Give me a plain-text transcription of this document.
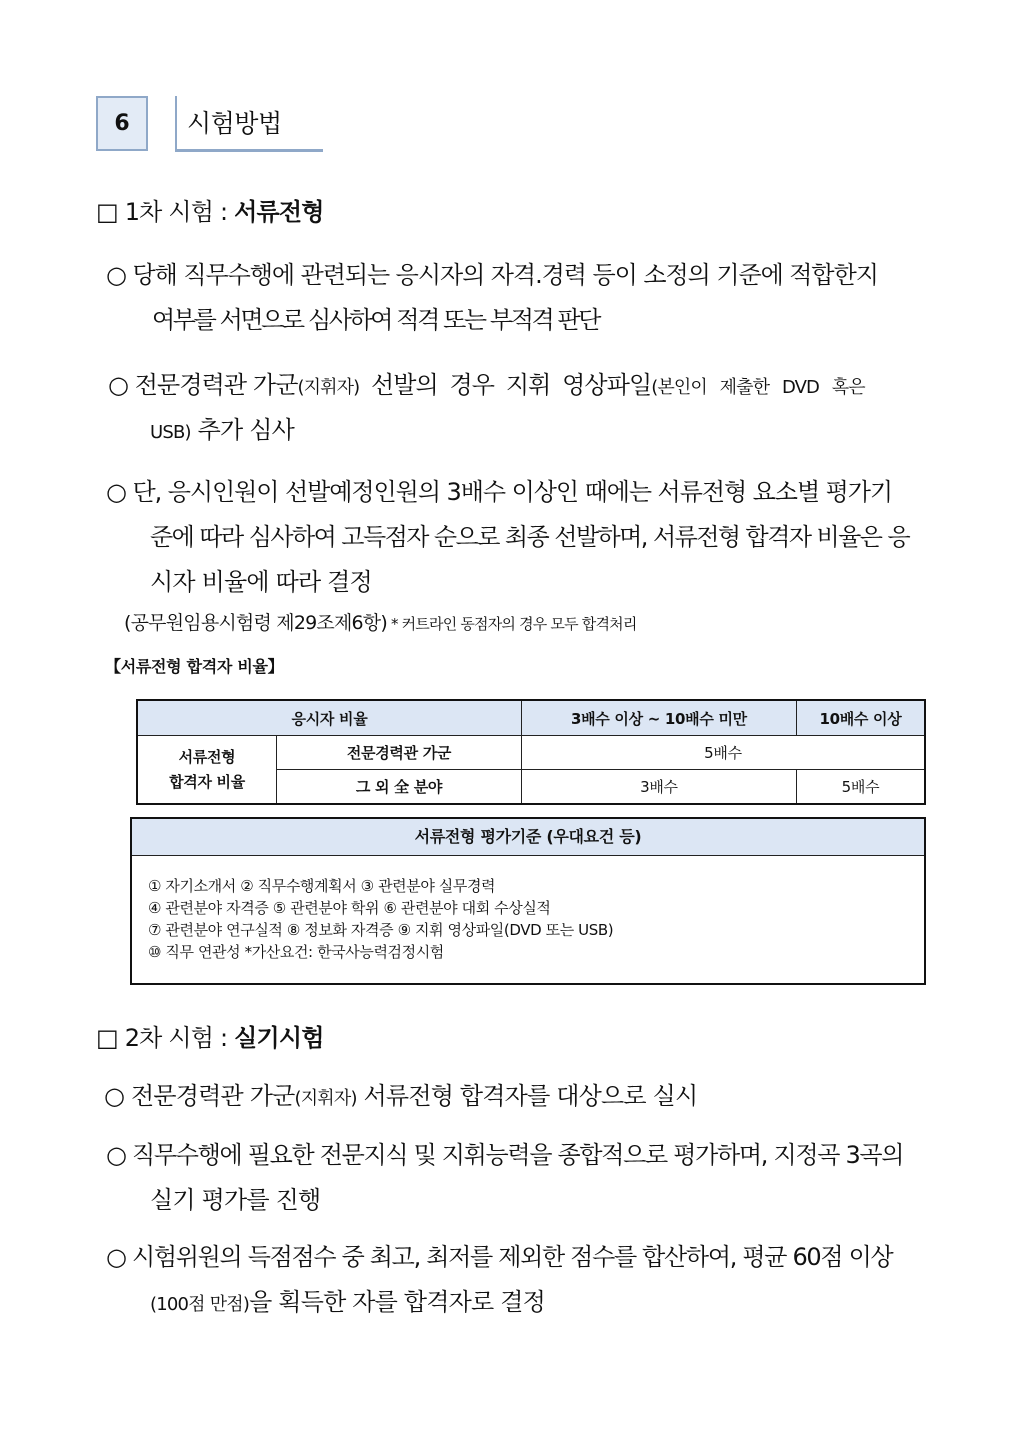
6	시험방법
□ 1차 시험 : 서류전형
○ 당해 직무수행에 관련되는 응시자의 자격.경력 등이 소정의 기준에 적합한지
여부를 서면으로 심사하여 적격 또는 부적격 판단
○ 전문경력관 가군(지휘자) 선발의 경우 지휘 영상파일(본인이 제출한 DVD 혹은
USB) 추가 심사
○ 단, 응시인원이 선발예정인원의 3배수 이상인 때에는 서류전형 요소별 평가기
준에 따라 심사하여 고득점자 순으로 최종 선발하며, 서류전형 합격자 비율은 응
시자 비율에 따라 결정
(공무원임용시험령 제29조제6항) * 커트라인 동점자의 경우 모두 합격처리
【서류전형 합격자 비율】
응시자 비율		3배수 이상 ~ 10배수 미만	10배수 이상
서류전형
합격자 비율	전문경력관 가군	5배수	
	그 외 全 분야	3배수	5배수
서류전형 평가기준 (우대요건 등)
① 자기소개서 ② 직무수행계획서 ③ 관련분야 실무경력
④ 관련분야 자격증 ⑤ 관련분야 학위 ⑥ 관련분야 대회 수상실적
⑦ 관련분야 연구실적 ⑧ 정보화 자격증 ⑨ 지휘 영상파일(DVD 또는 USB)
⑩ 직무 연관성 *가산요건: 한국사능력검정시험
□ 2차 시험 : 실기시험
○ 전문경력관 가군(지휘자) 서류전형 합격자를 대상으로 실시
○ 직무수행에 필요한 전문지식 및 지휘능력을 종합적으로 평가하며, 지정곡 3곡의
실기 평가를 진행
○ 시험위원의 득점점수 중 최고, 최저를 제외한 점수를 합산하여, 평균 60점 이상
(100점 만점)을 획득한 자를 합격자로 결정
